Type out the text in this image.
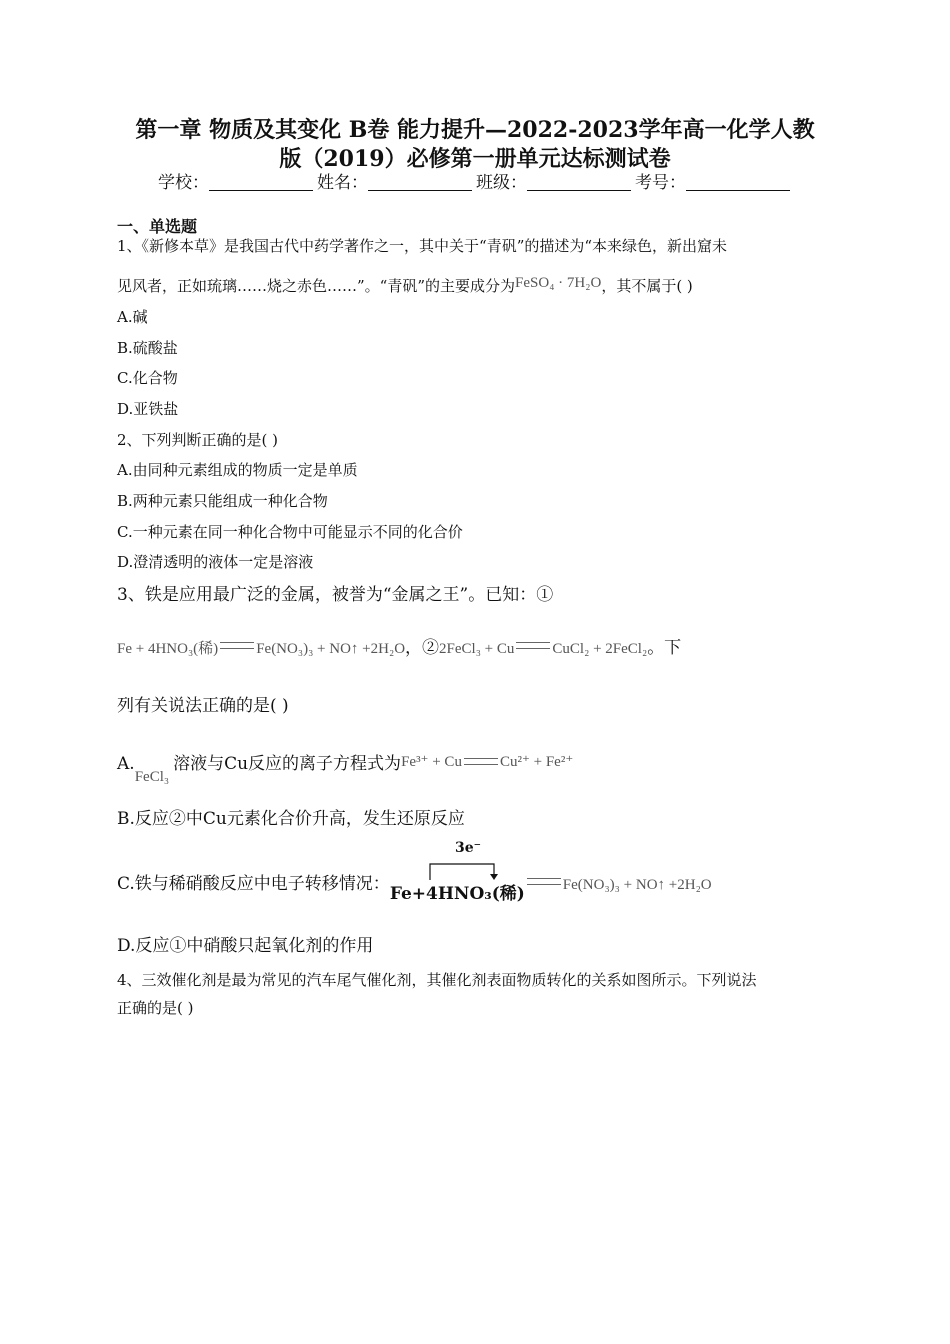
第一章 物质及其变化 B卷 能力提升—2022-2023学年高一化学人教
版（2019）必修第一册单元达标测试卷
学校：	姓名：	班级：	考号：
一、单选题
1、《新修本草》是我国古代中药学著作之一，其中关于“青矾”的描述为“本来绿色，新出窟未
见风者，正如琉璃……烧之赤色……”。“青矾”的主要成分为FeSO₄ · 7H₂O，其不属于( )
A.碱
B.硫酸盐
C.化合物
D.亚铁盐
2、下列判断正确的是( )
A.由同种元素组成的物质一定是单质
B.两种元素只能组成一种化合物
C.一种元素在同一种化合物中可能显示不同的化合价
D.澄清透明的液体一定是溶液
3、铁是应用最广泛的金属，被誉为“金属之王”。已知：①
Fe + 4HNO₃(稀)	Fe(NO₃)₃ + NO↑ +2H₂O，②2FeCl₃ + Cu	CuCl₂ + 2FeCl₂。下
列有关说法正确的是( )
A.FeCl₃溶液与Cu反应的离子方程式为Fe³⁺ + Cu	Cu²⁺ + Fe²⁺
B.反应②中Cu元素化合价升高，发生还原反应
3e⁻
C.铁与稀硝酸反应中电子转移情况：Fe+4HNO₃(稀)	Fe(NO₃)₃ + NO↑ +2H₂O
D.反应①中硝酸只起氧化剂的作用
4、三效催化剂是最为常见的汽车尾气催化剂，其催化剂表面物质转化的关系如图所示。下列说法
正确的是( )
